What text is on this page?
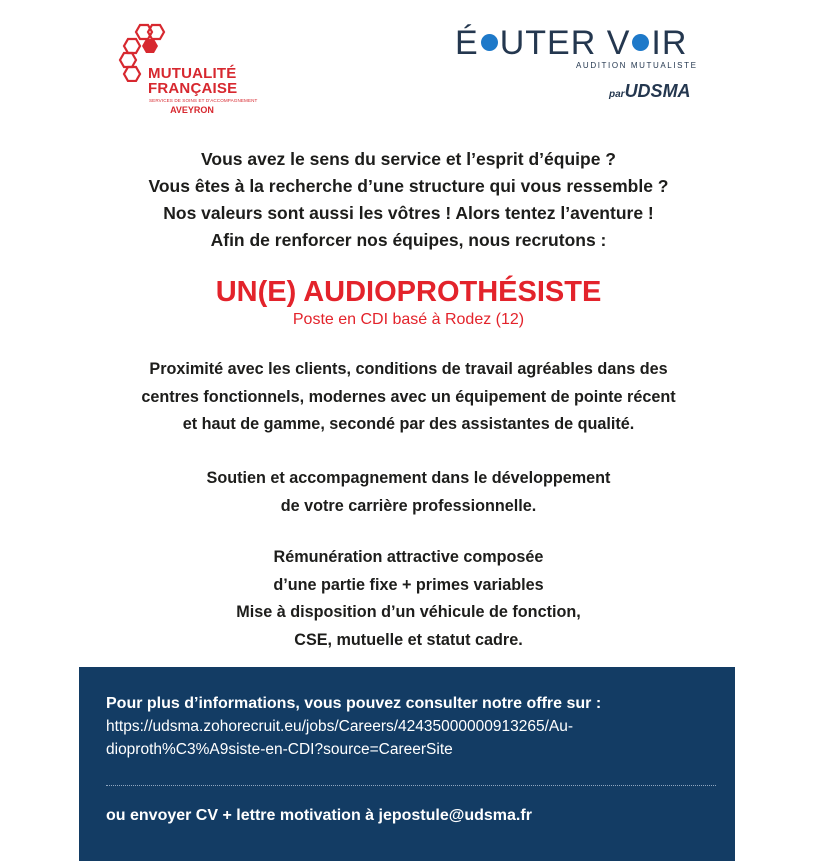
MUTUALITÉ
FRANÇAISE
SERVICES DE SOINS ET D'ACCOMPAGNEMENT
AVEYRON
É UTER V IR
AUDITION MUTUALISTE
parUDSMA
Vous avez le sens du service et l’esprit d’équipe ?
Vous êtes à la recherche d’une structure qui vous ressemble ?
Nos valeurs sont aussi les vôtres ! Alors tentez l’aventure !
Afin de renforcer nos équipes, nous recrutons :
UN(E) AUDIOPROTHÉSISTE
Poste en CDI basé à Rodez (12)
Proximité avec les clients, conditions de travail agréables dans des
centres fonctionnels, modernes avec un équipement de pointe récent
et haut de gamme, secondé par des assistantes de qualité.
Soutien et accompagnement dans le développement
de votre carrière professionnelle.
Rémunération attractive composée
d’une partie fixe + primes variables
Mise à disposition d’un véhicule de fonction,
CSE, mutuelle et statut cadre.
Pour plus d’informations, vous pouvez consulter notre offre sur :
https://udsma.zohorecruit.eu/jobs/Careers/42435000000913265/Au-
dioproth%C3%A9siste-en-CDI?source=CareerSite
ou envoyer CV + lettre motivation à jepostule@udsma.fr
